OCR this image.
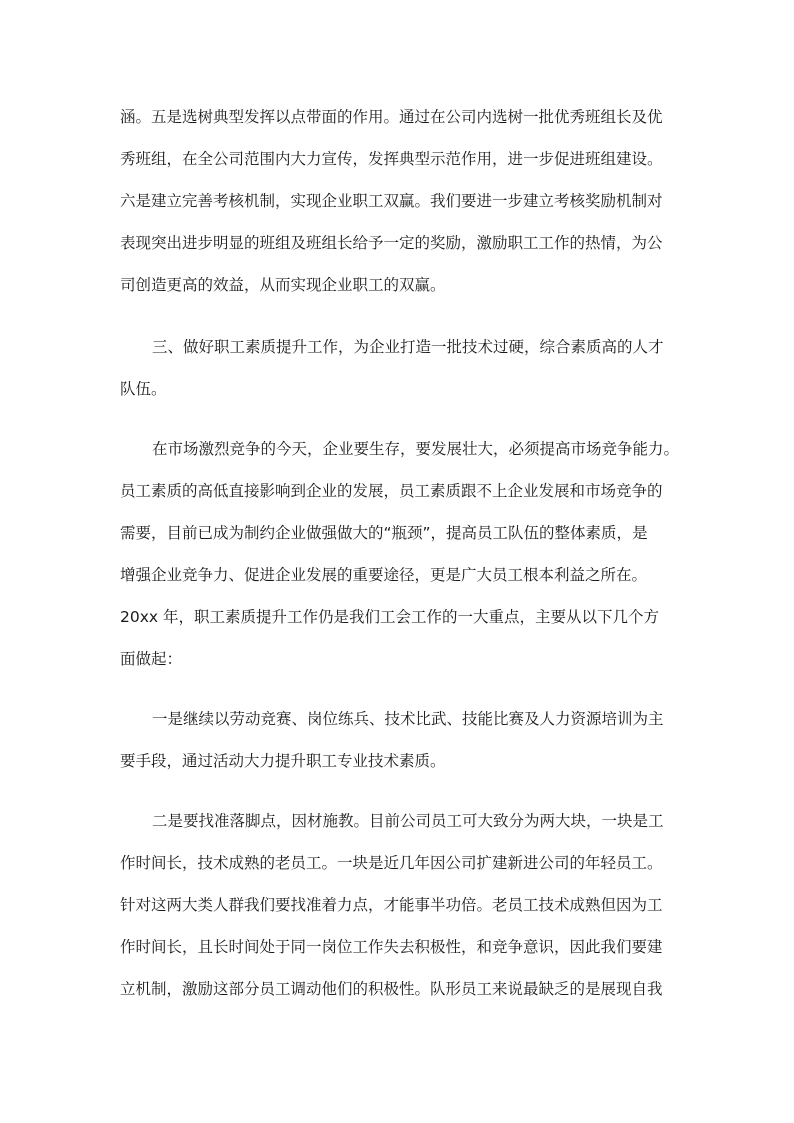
涵。五是选树典型发挥以点带面的作用。通过在公司内选树一批优秀班组长及优

秀班组，在全公司范围内大力宣传，发挥典型示范作用，进一步促进班组建设。

六是建立完善考核机制，实现企业职工双赢。我们要进一步建立考核奖励机制对

表现突出进步明显的班组及班组长给予一定的奖励，激励职工工作的热情，为公

司创造更高的效益，从而实现企业职工的双赢。

三、做好职工素质提升工作，为企业打造一批技术过硬，综合素质高的人才

队伍。

在市场激烈竞争的今天，企业要生存，要发展壮大，必须提高市场竞争能力。

员工素质的高低直接影响到企业的发展，员工素质跟不上企业发展和市场竞争的

需要，目前已成为制约企业做强做大的“瓶颈”，提高员工队伍的整体素质，是

增强企业竞争力、促进企业发展的重要途径，更是广大员工根本利益之所在。

20xx 年，职工素质提升工作仍是我们工会工作的一大重点，主要从以下几个方

面做起：

一是继续以劳动竞赛、岗位练兵、技术比武、技能比赛及人力资源培训为主

要手段，通过活动大力提升职工专业技术素质。

二是要找准落脚点，因材施教。目前公司员工可大致分为两大块，一块是工

作时间长，技术成熟的老员工。一块是近几年因公司扩建新进公司的年轻员工。

针对这两大类人群我们要找准着力点，才能事半功倍。老员工技术成熟但因为工

作时间长，且长时间处于同一岗位工作失去积极性，和竞争意识，因此我们要建

立机制，激励这部分员工调动他们的积极性。队形员工来说最缺乏的是展现自我
